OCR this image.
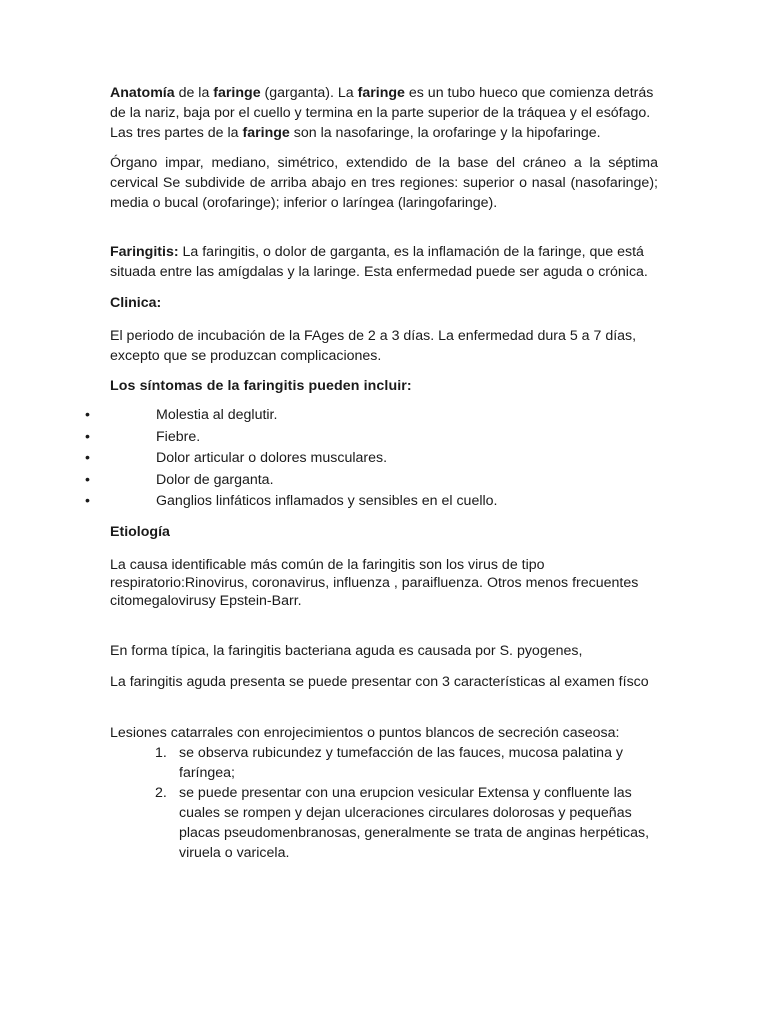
Anatomía de la faringe (garganta). La faringe es un tubo hueco que comienza detrás de la nariz, baja por el cuello y termina en la parte superior de la tráquea y el esófago. Las tres partes de la faringe son la nasofaringe, la orofaringe y la hipofaringe.

Órgano impar, mediano, simétrico, extendido de la base del cráneo a la séptima cervical Se subdivide de arriba abajo en tres regiones: superior o nasal (nasofaringe); media o bucal (orofaringe); inferior o laríngea (laringofaringe).

Faringitis: La faringitis, o dolor de garganta, es la inflamación de la faringe, que está situada entre las amígdalas y la laringe. Esta enfermedad puede ser aguda o crónica.

Clinica:

El periodo de incubación de la FAges de 2 a 3 días. La enfermedad dura 5 a 7 días, excepto que se produzcan complicaciones.

Los síntomas de la faringitis pueden incluir:

•	Molestia al deglutir.
•	Fiebre.
•	Dolor articular o dolores musculares.
•	Dolor de garganta.
•	Ganglios linfáticos inflamados y sensibles en el cuello.

Etiología

La causa identificable más común de la faringitis son los virus de tipo respiratorio:Rinovirus, coronavirus, influenza , paraifluenza. Otros menos frecuentes citomegalovirusy Epstein-Barr.

En forma típica, la faringitis bacteriana aguda es causada por S. pyogenes,

La faringitis aguda presenta se puede presentar con 3 características al examen físco

Lesiones catarrales con enrojecimientos o puntos blancos de secreción caseosa:

1. se observa rubicundez y tumefacción de las fauces, mucosa palatina y faríngea;
2. se puede presentar con una erupcion vesicular Extensa y confluente las cuales se rompen y dejan ulceraciones circulares dolorosas y pequeñas placas pseudomenbranosas, generalmente se trata de anginas herpéticas, viruela o varicela.
